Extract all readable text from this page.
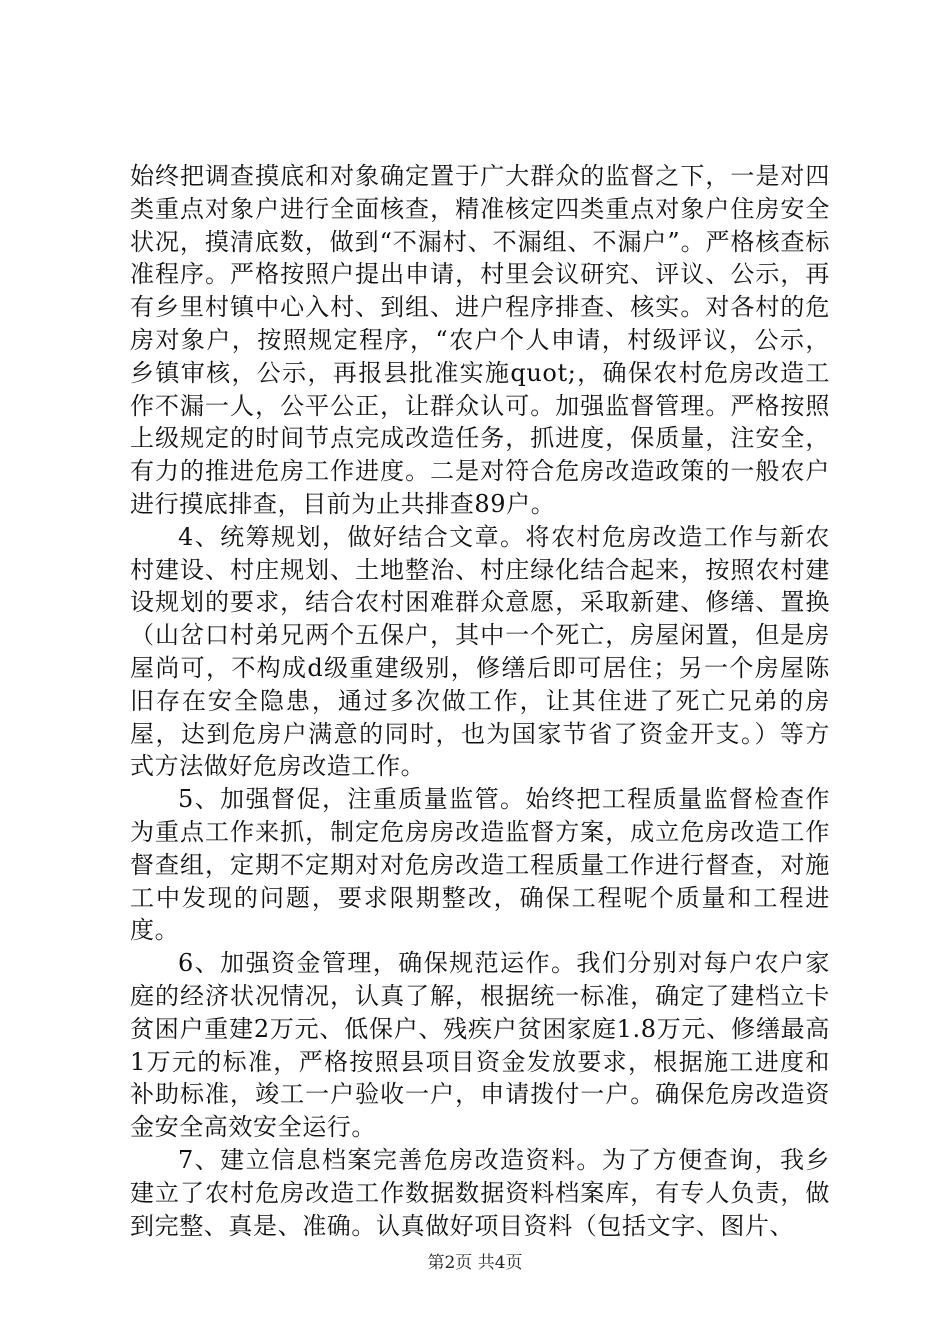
始终把调查摸底和对象确定置于广大群众的监督之下，一是对四类重点对象户进行全面核查，精准核定四类重点对象户住房安全状况，摸清底数，做到“不漏村、不漏组、不漏户”。严格核查标准程序。严格按照户提出申请，村里会议研究、评议、公示，再有乡里村镇中心入村、到组、进户程序排查、核实。对各村的危房对象户，按照规定程序，“农户个人申请，村级评议，公示，乡镇审核，公示，再报县批准实施quot;，确保农村危房改造工作不漏一人，公平公正，让群众认可。加强监督管理。严格按照上级规定的时间节点完成改造任务，抓进度，保质量，注安全，有力的推进危房工作进度。二是对符合危房改造政策的一般农户进行摸底排查，目前为止共排查89户。

4、统筹规划，做好结合文章。将农村危房改造工作与新农村建设、村庄规划、土地整治、村庄绿化结合起来，按照农村建设规划的要求，结合农村困难群众意愿，采取新建、修缮、置换（山岔口村弟兄两个五保户，其中一个死亡，房屋闲置，但是房屋尚可，不构成d级重建级别，修缮后即可居住；另一个房屋陈旧存在安全隐患，通过多次做工作，让其住进了死亡兄弟的房屋，达到危房户满意的同时，也为国家节省了资金开支。）等方式方法做好危房改造工作。

5、加强督促，注重质量监管。始终把工程质量监督检查作为重点工作来抓，制定危房房改造监督方案，成立危房改造工作督查组，定期不定期对对危房改造工程质量工作进行督查，对施工中发现的问题，要求限期整改，确保工程呢个质量和工程进度。

6、加强资金管理，确保规范运作。我们分别对每户农户家庭的经济状况情况，认真了解，根据统一标准，确定了建档立卡贫困户重建2万元、低保户、残疾户贫困家庭1.8万元、修缮最高1万元的标准，严格按照县项目资金发放要求，根据施工进度和补助标准，竣工一户验收一户，申请拨付一户。确保危房改造资金安全高效安全运行。

7、建立信息档案完善危房改造资料。为了方便查询，我乡建立了农村危房改造工作数据数据资料档案库，有专人负责，做到完整、真是、准确。认真做好项目资料（包括文字、图片、

第2页 共4页
